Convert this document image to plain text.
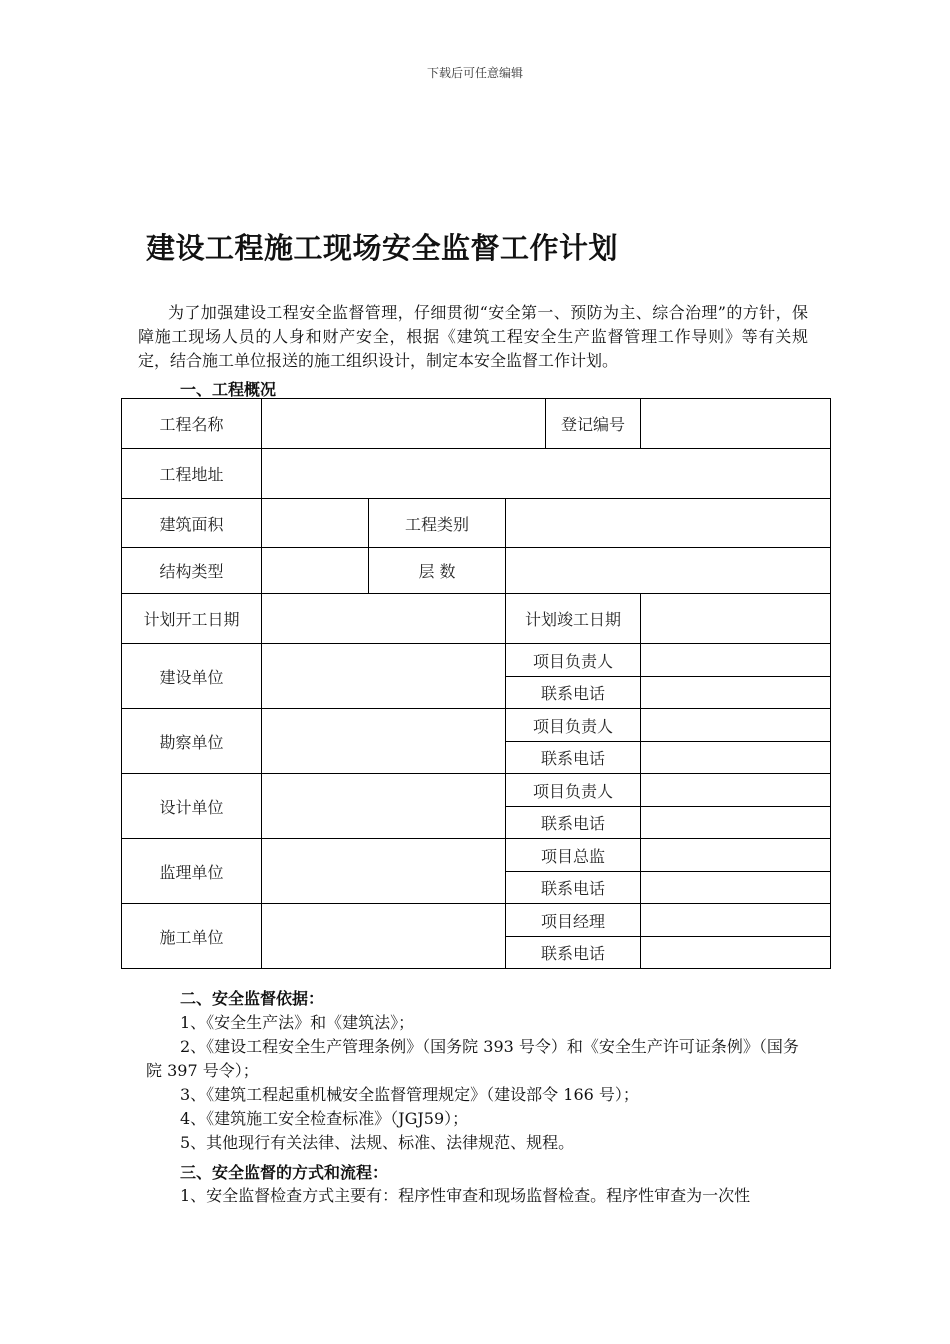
下载后可任意编辑
建设工程施工现场安全监督工作计划
为了加强建设工程安全监督管理，仔细贯彻“安全第一、预防为主、综合治理”的方针，保障施工现场人员的人身和财产安全，根据《建筑工程安全生产监督管理工作导则》等有关规定，结合施工单位报送的施工组织设计，制定本安全监督工作计划。
一、工程概况
工程名称				登记编号	
工程地址					
建筑面积		工程类别			
结构类型		层 数			
计划开工日期			计划竣工日期		
建设单位			项目负责人		
			联系电话		
勘察单位			项目负责人		
			联系电话		
设计单位			项目负责人		
			联系电话		
监理单位			项目总监		
			联系电话		
施工单位			项目经理		
			联系电话		
二、安全监督依据：

1、《安全生产法》和《建筑法》；

2、《建设工程安全生产管理条例》（国务院 393 号令）和《安全生产许可证条例》（国务院 397 号令）；

3、《建筑工程起重机械安全监督管理规定》（建设部令 166 号）；

4、《建筑施工安全检查标准》（JGJ59）；

5、其他现行有关法律、法规、标准、法律规范、规程。

三、安全监督的方式和流程：

1、安全监督检查方式主要有：程序性审查和现场监督检查。程序性审查为一次性
